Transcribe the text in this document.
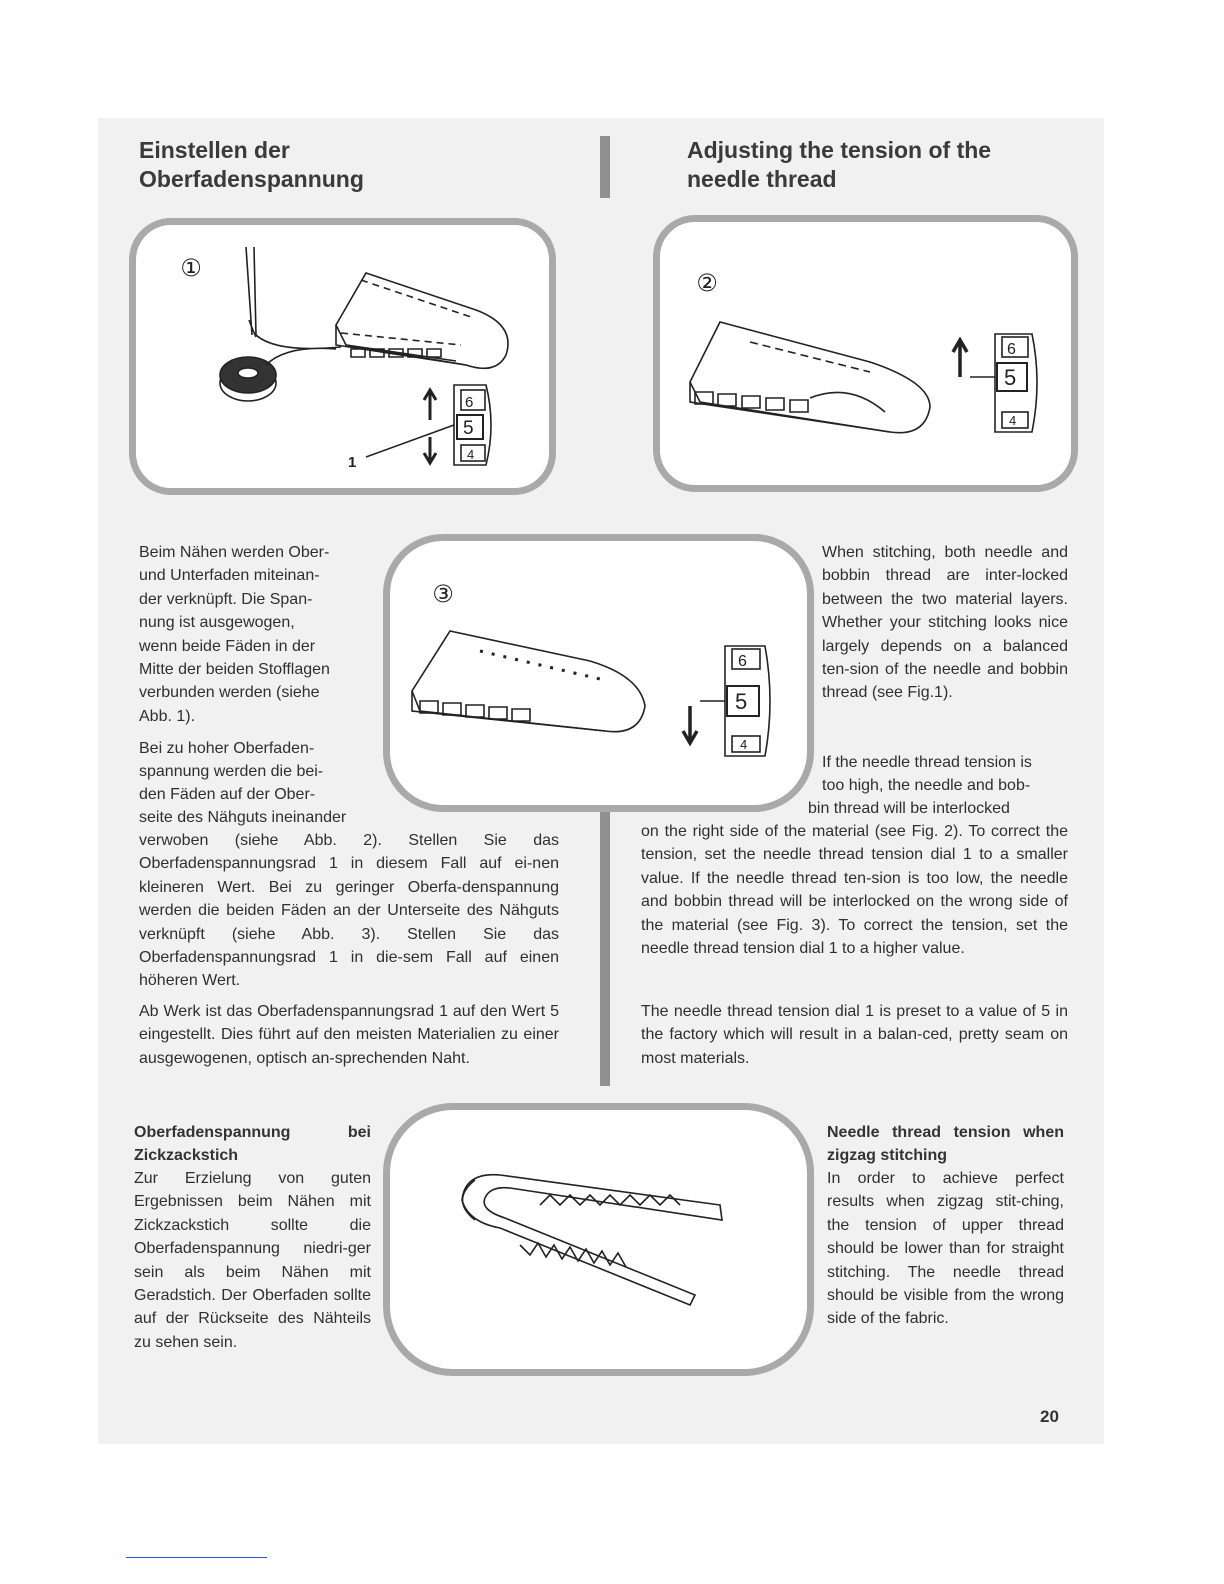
Einstellen der
Oberfadenspannung
Adjusting the tension of the
needle thread
①
6
5
4
1
②
6
5
4
③
6
5
4
Beim Nähen werden Ober-
und Unterfaden miteinan-
der verknüpft. Die Span-
nung ist ausgewogen,
wenn beide Fäden in der
Mitte der beiden Stofflagen
verbunden werden (siehe
Abb. 1).
Bei zu hoher Oberfaden-
spannung werden die bei-
den Fäden auf der Ober-
seite des Nähguts ineinander

verwoben (siehe Abb. 2). Stellen Sie das Oberfadenspannungsrad 1 in diesem Fall auf ei-nen kleineren Wert. Bei zu geringer Oberfa-denspannung werden die beiden Fäden an der Unterseite des Nähguts verknüpft (siehe Abb. 3). Stellen Sie das Oberfadenspannungsrad 1 in die-sem Fall auf einen höheren Wert.

Ab Werk ist das Oberfadenspannungsrad 1 auf den Wert 5 eingestellt. Dies führt auf den meisten Materialien zu einer ausgewogenen, optisch an-sprechenden Naht.

Oberfadenspannung bei Zickzackstich

Zur Erzielung von guten Ergebnissen beim Nähen mit Zickzackstich sollte die Oberfadenspannung niedri-ger sein als beim Nähen mit Geradstich. Der Oberfaden sollte auf der Rückseite des Nähteils zu sehen sein.

When stitching, both needle and bobbin thread are inter-locked between the two material layers. Whether your stitching looks nice largely depends on a balanced ten-sion of the needle and bobbin thread (see Fig.1).

If the needle thread tension is
too high, the needle and bob-
bin thread will be interlocked

on the right side of the material (see Fig. 2). To correct the tension, set the needle thread tension dial 1 to a smaller value. If the needle thread ten-sion is too low, the needle and bobbin thread will be interlocked on the wrong side of the material (see Fig. 3). To correct the tension, set the needle thread tension dial 1 to a higher value.

The needle thread tension dial 1 is preset to a value of 5 in the factory which will result in a balan-ced, pretty seam on most materials.

Needle thread tension when zigzag stitching

In order to achieve perfect results when zigzag stit-ching, the tension of upper thread should be lower than for straight stitching. The needle thread should be visible from the wrong side of the fabric.

20
